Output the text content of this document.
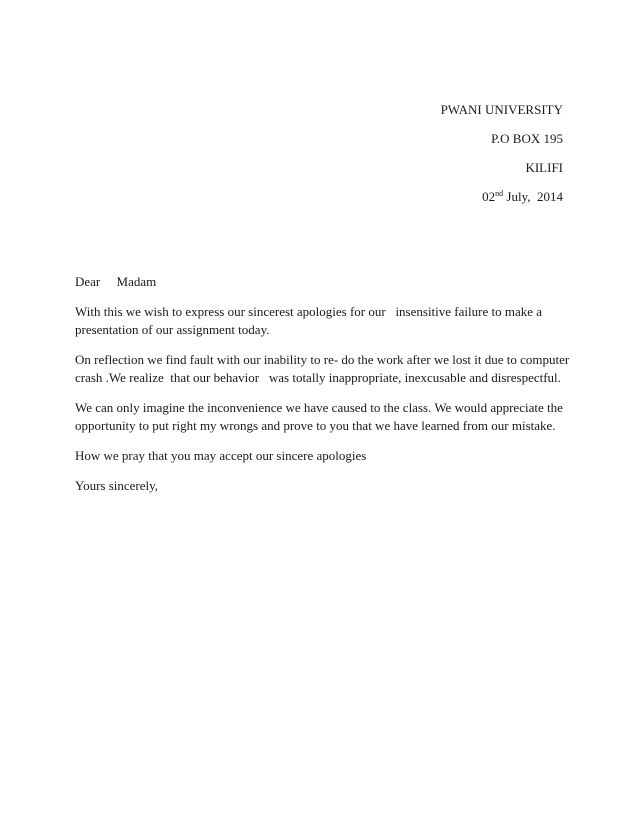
PWANI UNIVERSITY
P.O BOX 195
KILIFI
02nd July,  2014
Dear     Madam
With this we wish to express our sincerest apologies for our   insensitive failure to make a
presentation of our assignment today.
On reflection we find fault with our inability to re- do the work after we lost it due to computer
crash .We realize  that our behavior   was totally inappropriate, inexcusable and disrespectful.
We can only imagine the inconvenience we have caused to the class. We would appreciate the
opportunity to put right my wrongs and prove to you that we have learned from our mistake.
How we pray that you may accept our sincere apologies
Yours sincerely,
